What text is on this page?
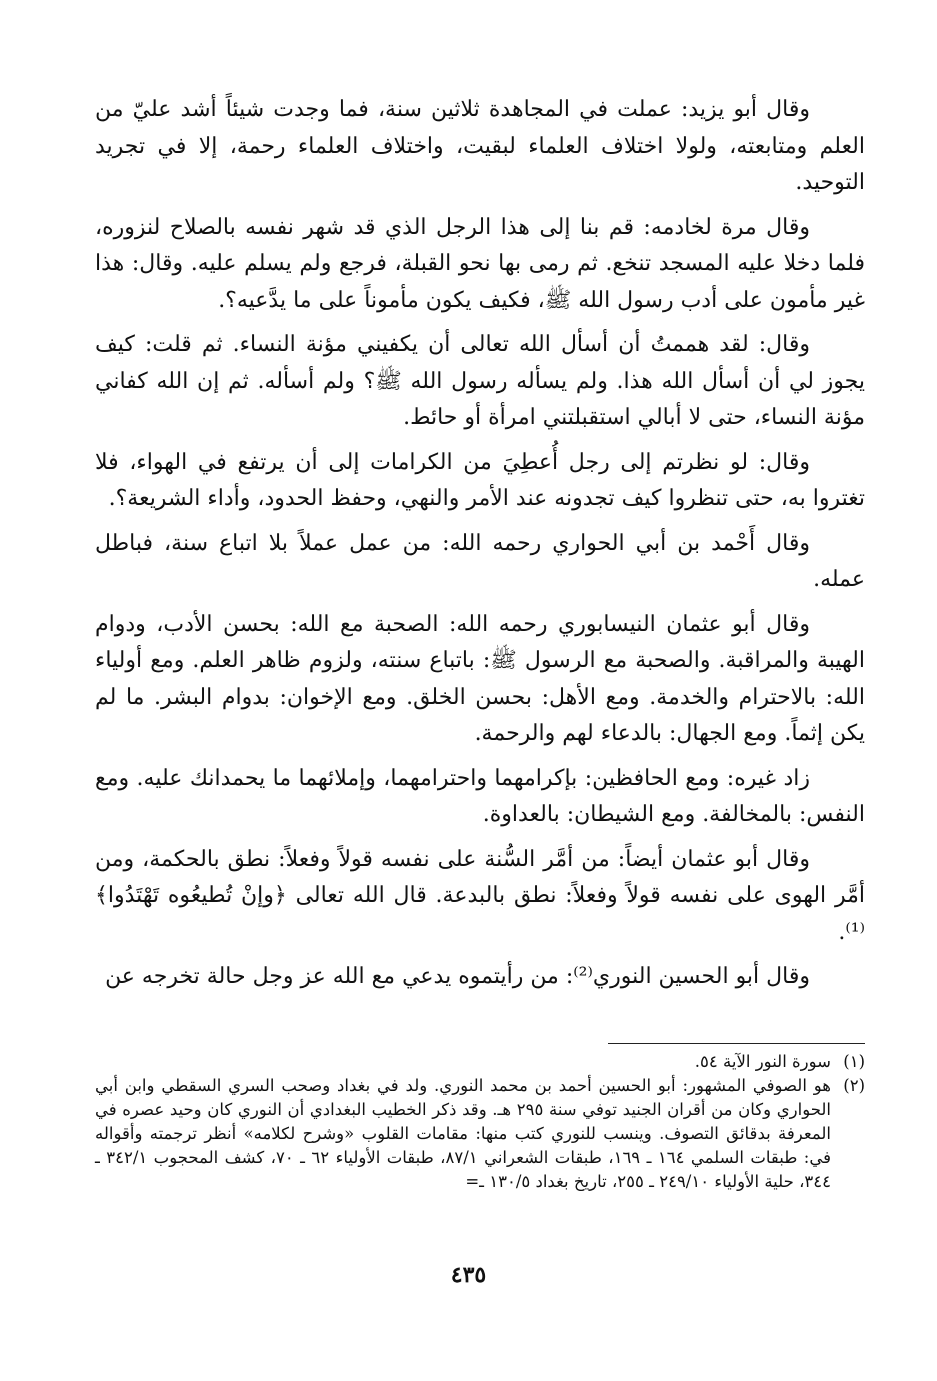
وقال أبو يزيد: عملت في المجاهدة ثلاثين سنة، فما وجدت شيئاً أشد عليّ من العلم ومتابعته، ولولا اختلاف العلماء لبقيت، واختلاف العلماء رحمة، إلا في تجريد التوحيد.

وقال مرة لخادمه: قم بنا إلى هذا الرجل الذي قد شهر نفسه بالصلاح لنزوره، فلما دخلا عليه المسجد تنخع. ثم رمى بها نحو القبلة، فرجع ولم يسلم عليه. وقال: هذا غير مأمون على أدب رسول الله ﷺ، فكيف يكون مأموناً على ما يدَّعيه؟.

وقال: لقد هممتُ أن أسأل الله تعالى أن يكفيني مؤنة النساء. ثم قلت: كيف يجوز لي أن أسأل الله هذا. ولم يسأله رسول الله ﷺ؟ ولم أسأله. ثم إن الله كفاني مؤنة النساء، حتى لا أبالي استقبلتني امرأة أو حائط.

وقال: لو نظرتم إلى رجل أُعطِيَ من الكرامات إلى أن يرتفع في الهواء، فلا تغتروا به، حتى تنظروا كيف تجدونه عند الأمر والنهي، وحفظ الحدود، وأداء الشريعة؟.

وقال أَحْمد بن أبي الحواري رحمه الله: من عمل عملاً بلا اتباع سنة، فباطل عمله.

وقال أبو عثمان النيسابوري رحمه الله: الصحبة مع الله: بحسن الأدب، ودوام الهيبة والمراقبة. والصحبة مع الرسول ﷺ: باتباع سنته، ولزوم ظاهر العلم. ومع أولياء الله: بالاحترام والخدمة. ومع الأهل: بحسن الخلق. ومع الإخوان: بدوام البشر. ما لم يكن إثماً. ومع الجهال: بالدعاء لهم والرحمة.

زاد غيره: ومع الحافظين: بإكرامهما واحترامهما، وإملائهما ما يحمدانك عليه. ومع النفس: بالمخالفة. ومع الشيطان: بالعداوة.

وقال أبو عثمان أيضاً: من أمَّر السُّنة على نفسه قولاً وفعلاً: نطق بالحكمة، ومن أمَّر الهوى على نفسه قولاً وفعلاً: نطق بالبدعة. قال الله تعالى ﴿وإنْ تُطيعُوه تَهْتَدُوا﴾⁽¹⁾.

وقال أبو الحسين النوري⁽²⁾: من رأيتموه يدعي مع الله عز وجل حالة تخرجه عن

(١)
سورة النور الآية ٥٤.
(٢)
هو الصوفي المشهور: أبو الحسين أحمد بن محمد النوري. ولد في بغداد وصحب السري السقطي وابن أبي الحواري وكان من أقران الجنيد توفي سنة ٢٩٥ هـ. وقد ذكر الخطيب البغدادي أن النوري كان وحيد عصره في المعرفة بدقائق التصوف. وينسب للنوري كتب منها: مقامات القلوب «وشرح لكلامه» أنظر ترجمته وأقواله في: طبقات السلمي ١٦٤ ـ ١٦٩، طبقات الشعراني ٨٧/١، طبقات الأولياء ٦٢ ـ ٧٠، كشف المحجوب ٣٤٢/١ ـ ٣٤٤، حلية الأولياء ٢٤٩/١٠ ـ ٢٥٥، تاريخ بغداد ١٣٠/٥ ـ=
٤٣٥
